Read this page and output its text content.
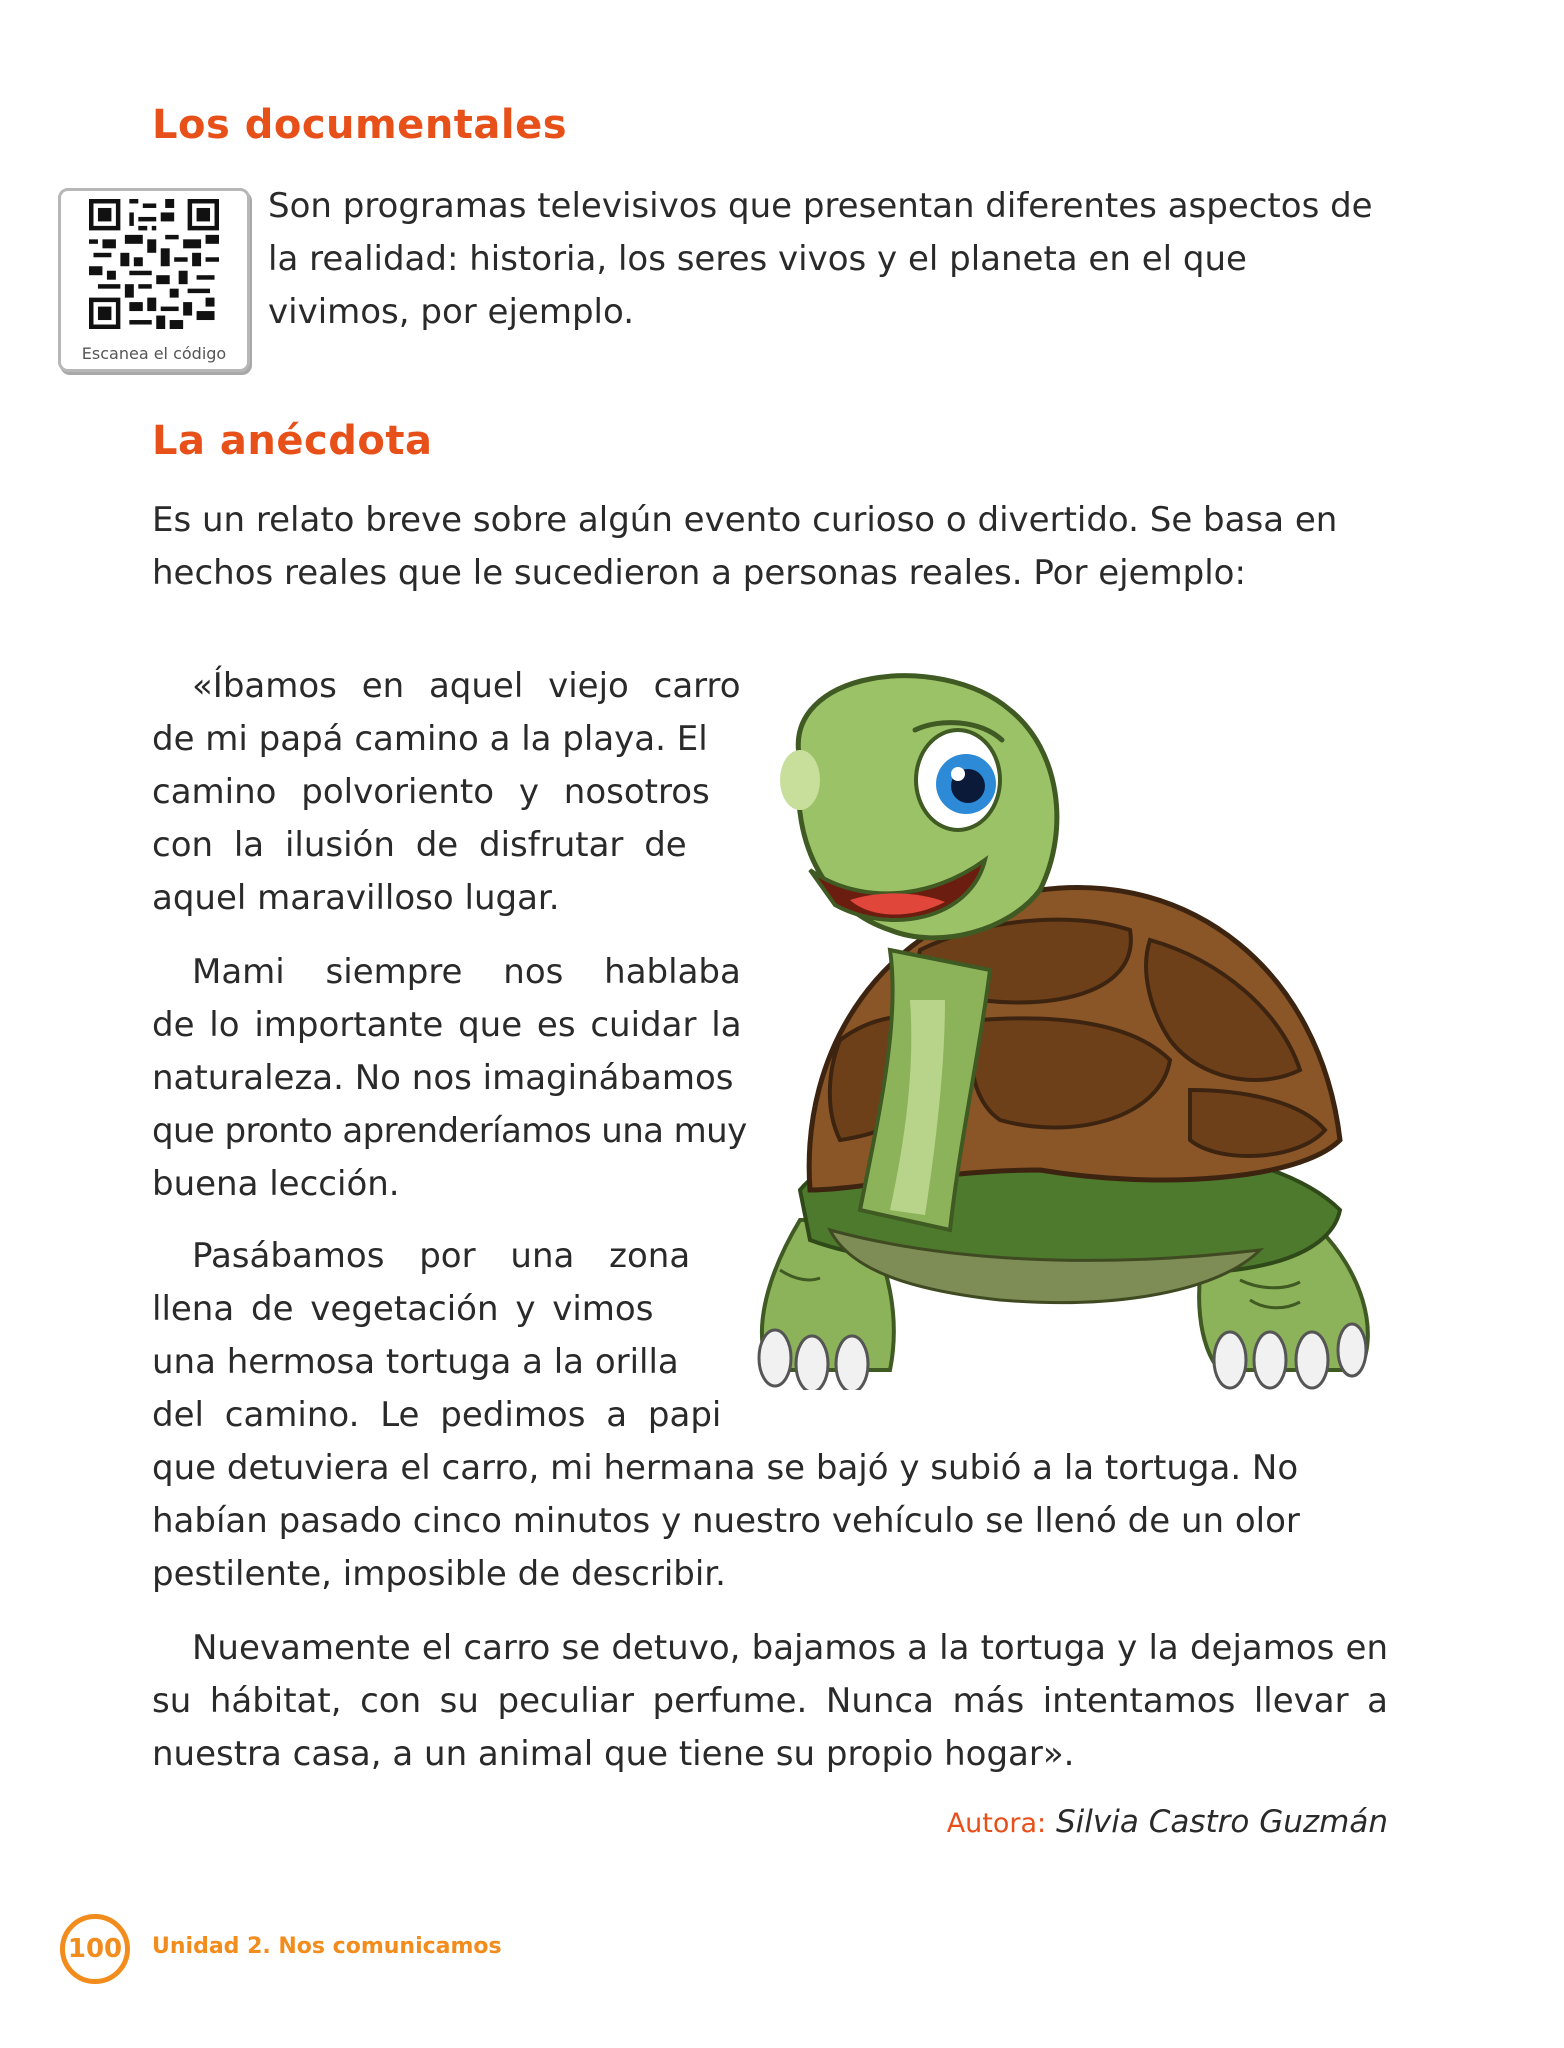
Los documentales
Escanea el código

Son programas televisivos que presentan diferentes aspectos de la realidad: historia, los seres vivos y el planeta en el que vivimos, por ejemplo.

La anécdota

Es un relato breve sobre algún evento curioso o divertido. Se basa en hechos reales que le sucedieron a personas reales. Por ejemplo:

«Íbamos en aquel viejo carro
de mi papá camino a la playa. El
camino polvoriento y nosotros
con la ilusión de disfrutar de
aquel maravilloso lugar.
Mami siempre nos hablaba
de lo importante que es cuidar la
naturaleza. No nos imaginábamos
que pronto aprenderíamos una muy
buena lección.
Pasábamos por una zona
llena de vegetación y vimos
una hermosa tortuga a la orilla
del camino. Le pedimos a papi
que detuviera el carro, mi hermana se bajó y subió a la tortuga. No
habían pasado cinco minutos y nuestro vehículo se llenó de un olor
pestilente, imposible de describir.

Nuevamente el carro se detuvo, bajamos a la tortuga y la dejamos en su hábitat, con su peculiar perfume. Nunca más intentamos llevar a nuestra casa, a un animal que tiene su propio hogar».

Autora: Silvia Castro Guzmán
100	Unidad 2. Nos comunicamos
